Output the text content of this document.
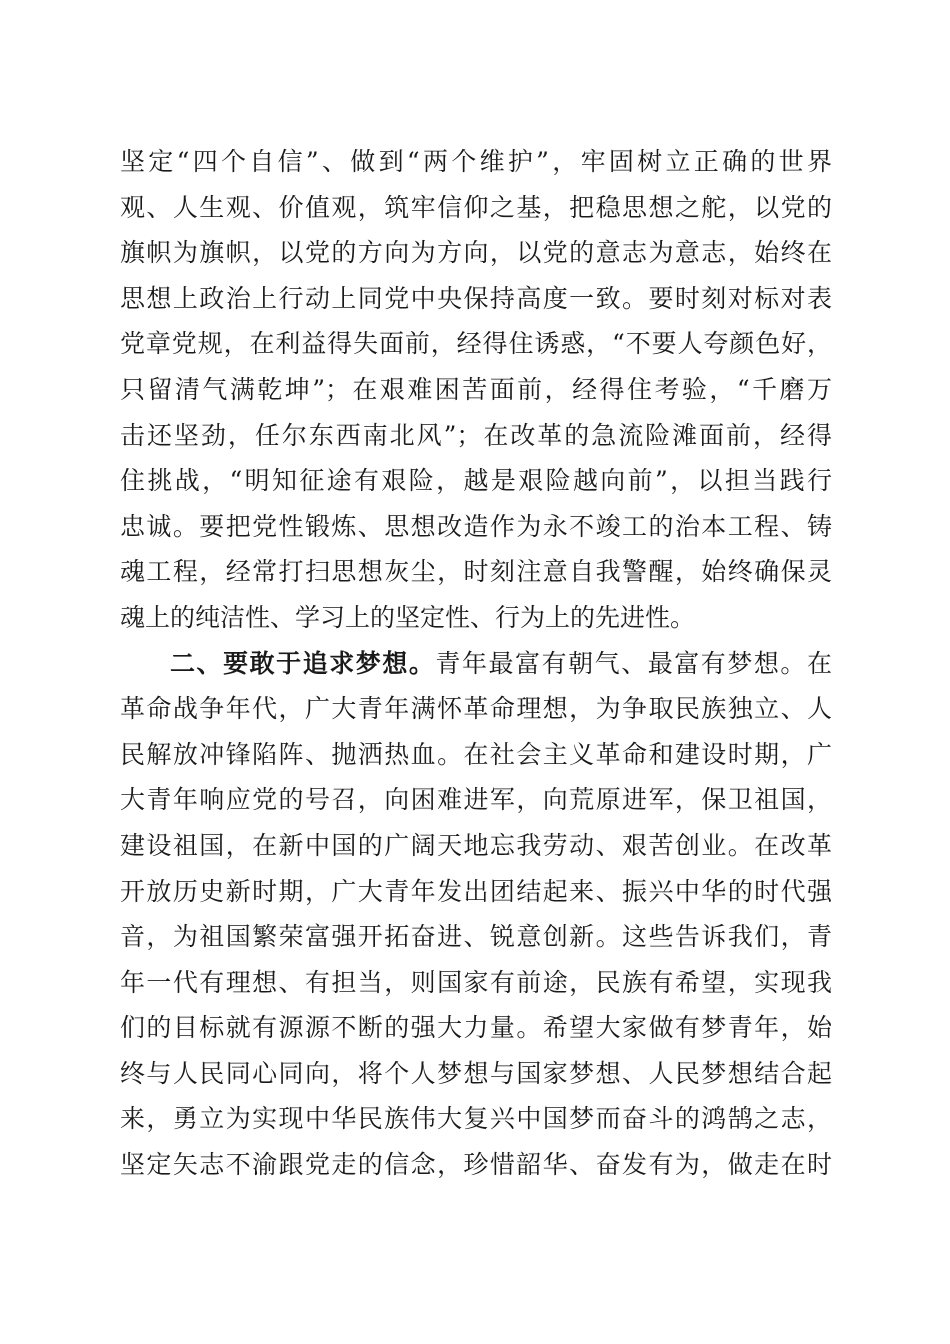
坚定“四个自信”、做到“两个维护”，牢固树立正确的世界
观、人生观、价值观，筑牢信仰之基，把稳思想之舵，以党的
旗帜为旗帜，以党的方向为方向，以党的意志为意志，始终在
思想上政治上行动上同党中央保持高度一致。要时刻对标对表
党章党规，在利益得失面前，经得住诱惑，“不要人夸颜色好，
只留清气满乾坤”；在艰难困苦面前，经得住考验，“千磨万
击还坚劲，任尔东西南北风”；在改革的急流险滩面前，经得
住挑战，“明知征途有艰险，越是艰险越向前”，以担当践行
忠诚。要把党性锻炼、思想改造作为永不竣工的治本工程、铸
魂工程，经常打扫思想灰尘，时刻注意自我警醒，始终确保灵
魂上的纯洁性、学习上的坚定性、行为上的先进性。
二、要敢于追求梦想。青年最富有朝气、最富有梦想。在
革命战争年代，广大青年满怀革命理想，为争取民族独立、人
民解放冲锋陷阵、抛洒热血。在社会主义革命和建设时期，广
大青年响应党的号召，向困难进军，向荒原进军，保卫祖国，
建设祖国，在新中国的广阔天地忘我劳动、艰苦创业。在改革
开放历史新时期，广大青年发出团结起来、振兴中华的时代强
音，为祖国繁荣富强开拓奋进、锐意创新。这些告诉我们，青
年一代有理想、有担当，则国家有前途，民族有希望，实现我
们的目标就有源源不断的强大力量。希望大家做有梦青年，始
终与人民同心同向，将个人梦想与国家梦想、人民梦想结合起
来，勇立为实现中华民族伟大复兴中国梦而奋斗的鸿鹄之志，
坚定矢志不渝跟党走的信念，珍惜韶华、奋发有为，做走在时
